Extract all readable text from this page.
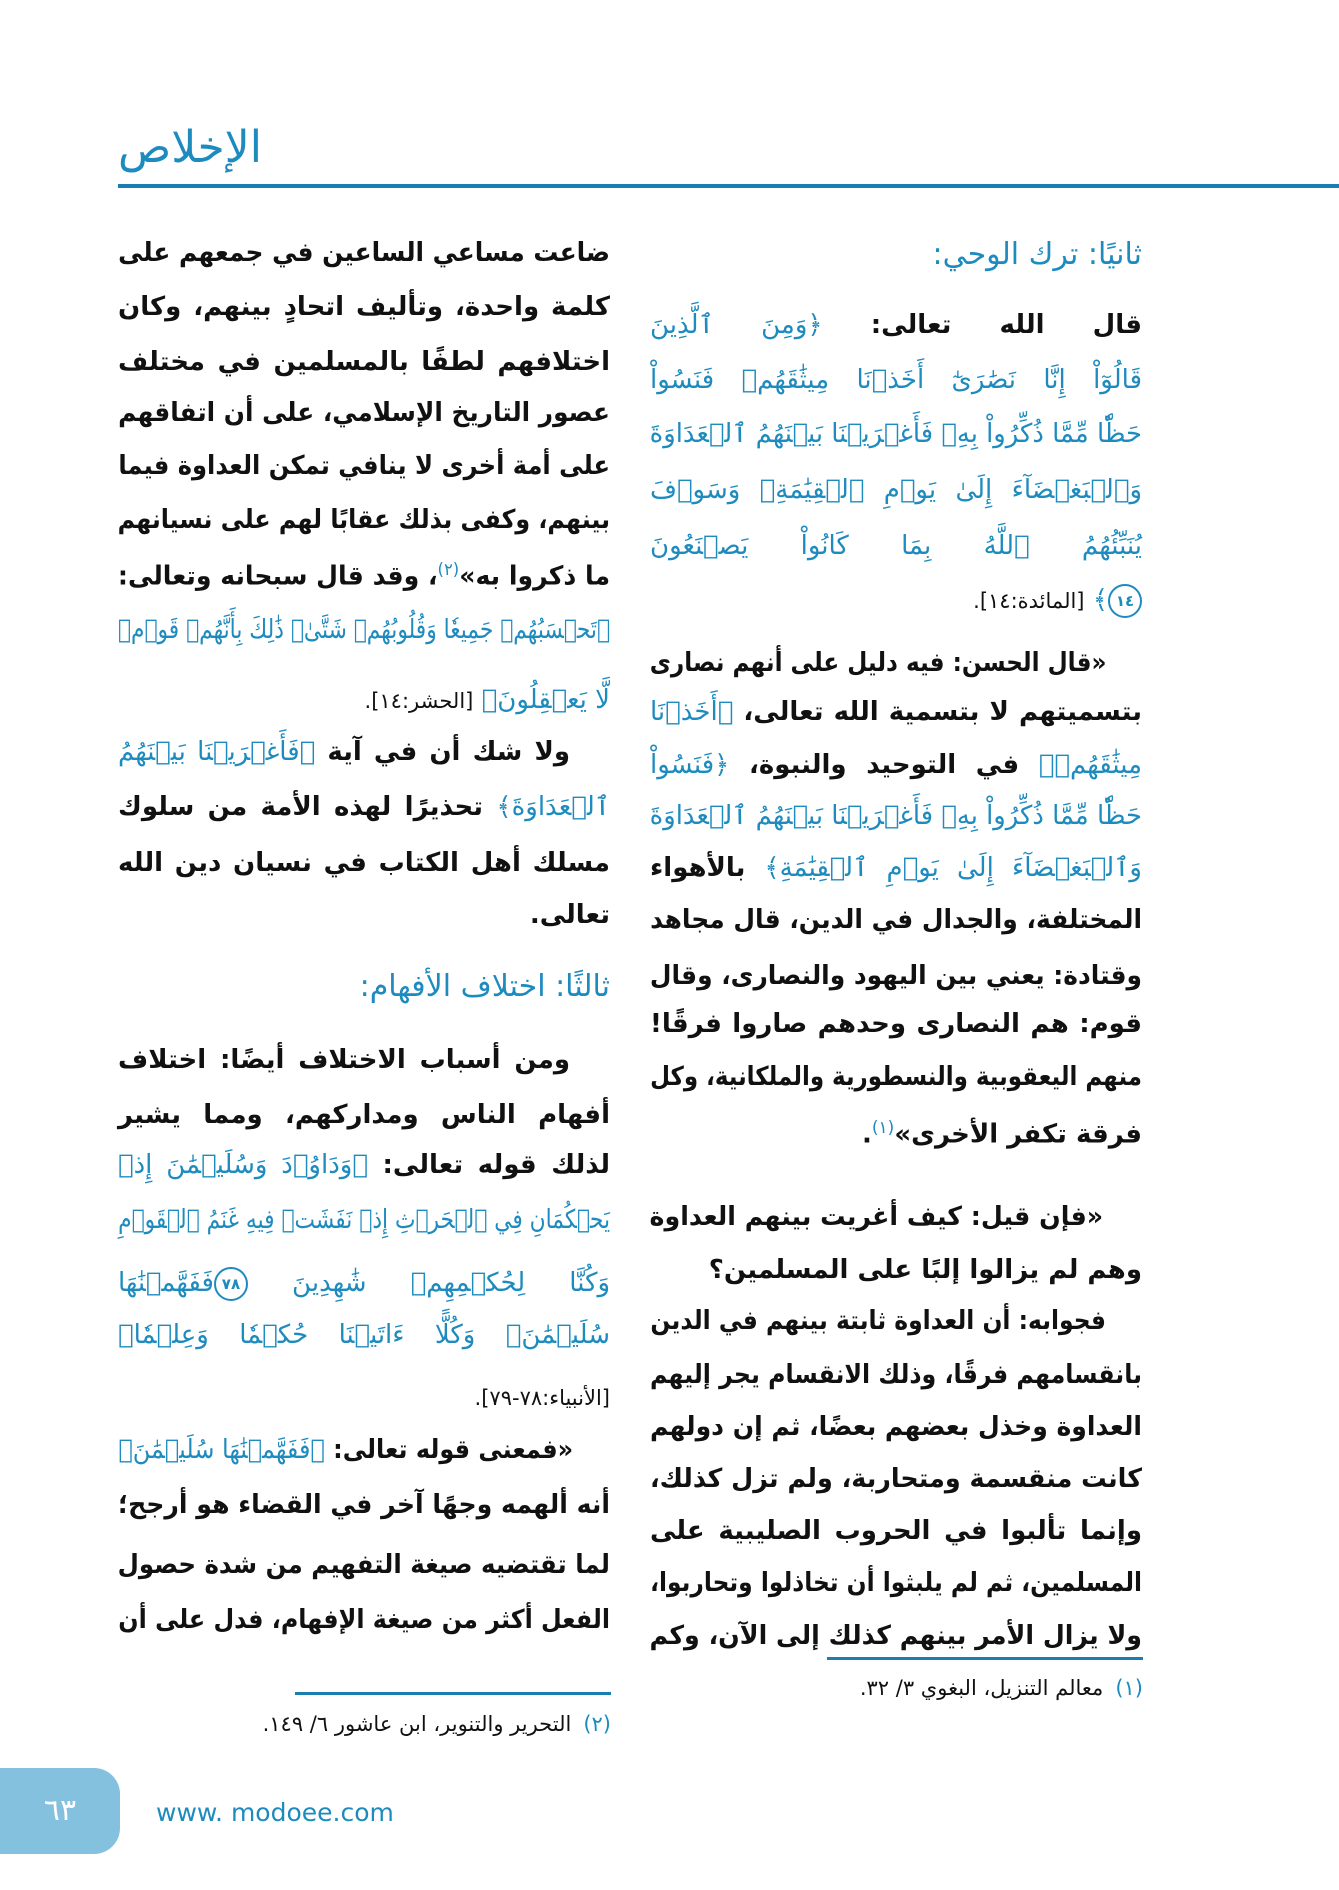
الإخلاص
ثانيًا: ترك الوحي:
قال الله تعالى: ﴿وَمِنَ ٱلَّذِينَ
قَالُوٓاْ إِنَّا نَصَٰرَىٰٓ أَخَذۡنَا مِيثَٰقَهُمۡ فَنَسُواْ
حَظّٗا مِّمَّا ذُكِّرُواْ بِهِۦ فَأَغۡرَيۡنَا بَيۡنَهُمُ ٱلۡعَدَاوَةَ
وَٱلۡبَغۡضَآءَ إِلَىٰ يَوۡمِ ٱلۡقِيَٰمَةِۚ وَسَوۡفَ
يُنَبِّئُهُمُ ٱللَّهُ بِمَا كَانُواْ يَصۡنَعُونَ
١٤﴾ [المائدة:١٤].
«قال الحسن: فيه دليل على أنهم نصارى
بتسميتهم لا بتسمية الله تعالى، ﴿أَخَذۡنَا
مِيثَٰقَهُمۡ﴾ في التوحيد والنبوة، ﴿فَنَسُواْ
حَظّٗا مِّمَّا ذُكِّرُواْ بِهِۦ فَأَغۡرَيۡنَا بَيۡنَهُمُ ٱلۡعَدَاوَةَ
وَٱلۡبَغۡضَآءَ إِلَىٰ يَوۡمِ ٱلۡقِيَٰمَةِ﴾ بالأهواء
المختلفة، والجدال في الدين، قال مجاهد
وقتادة: يعني بين اليهود والنصارى، وقال
قوم: هم النصارى وحدهم صاروا فرقًا!
منهم اليعقوبية والنسطورية والملكانية، وكل
فرقة تكفر الأخرى»$^{(١)}$.
«فإن قيل: كيف أغريت بينهم العداوة
وهم لم يزالوا إلبًا على المسلمين؟
فجوابه: أن العداوة ثابتة بينهم في الدين
بانقسامهم فرقًا، وذلك الانقسام يجر إليهم
العداوة وخذل بعضهم بعضًا، ثم إن دولهم
كانت منقسمة ومتحاربة، ولم تزل كذلك،
وإنما تألبوا في الحروب الصليبية على
المسلمين، ثم لم يلبثوا أن تخاذلوا وتحاربوا،
ولا يزال الأمر بينهم كذلك إلى الآن، وكم
ضاعت مساعي الساعين في جمعهم على
كلمة واحدة، وتأليف اتحادٍ بينهم، وكان
اختلافهم لطفًا بالمسلمين في مختلف
عصور التاريخ الإسلامي، على أن اتفاقهم
على أمة أخرى لا ينافي تمكن العداوة فيما
بينهم، وكفى بذلك عقابًا لهم على نسيانهم
ما ذكروا به»$^{(٢)}$، وقد قال سبحانه وتعالى:
﴿تَحۡسَبُهُمۡ جَمِيعٗا وَقُلُوبُهُمۡ شَتَّىٰۚ ذَٰلِكَ بِأَنَّهُمۡ قَوۡمٞ
لَّا يَعۡقِلُونَ﴾ [الحشر:١٤].
ولا شك أن في آية ﴿فَأَغۡرَيۡنَا بَيۡنَهُمُ
ٱلۡعَدَاوَةَ﴾ تحذيرًا لهذه الأمة من سلوك
مسلك أهل الكتاب في نسيان دين الله
تعالى.
ثالثًا: اختلاف الأفهام:
ومن أسباب الاختلاف أيضًا: اختلاف
أفهام الناس ومداركهم، ومما يشير
لذلك قوله تعالى: ﴿وَدَاوُۥدَ وَسُلَيۡمَٰنَ إِذۡ
يَحۡكُمَانِ فِي ٱلۡحَرۡثِ إِذۡ نَفَشَتۡ فِيهِ غَنَمُ ٱلۡقَوۡمِ
وَكُنَّا لِحُكۡمِهِمۡ شَٰهِدِينَ ٧٨فَفَهَّمۡنَٰهَا
سُلَيۡمَٰنَۚ وَكُلًّا ءَاتَيۡنَا حُكۡمٗا وَعِلۡمٗا﴾
[الأنبياء:٧٨-٧٩].
«فمعنى قوله تعالى: ﴿فَفَهَّمۡنَٰهَا سُلَيۡمَٰنَ﴾
أنه ألهمه وجهًا آخر في القضاء هو أرجح؛
لما تقتضيه صيغة التفهيم من شدة حصول
الفعل أكثر من صيغة الإفهام، فدل على أن
(١)معالم التنزيل، البغوي ٣/ ٣٢.
(٢)التحرير والتنوير، ابن عاشور ٦/ ١٤٩.
٦٣	www. modoee.com
